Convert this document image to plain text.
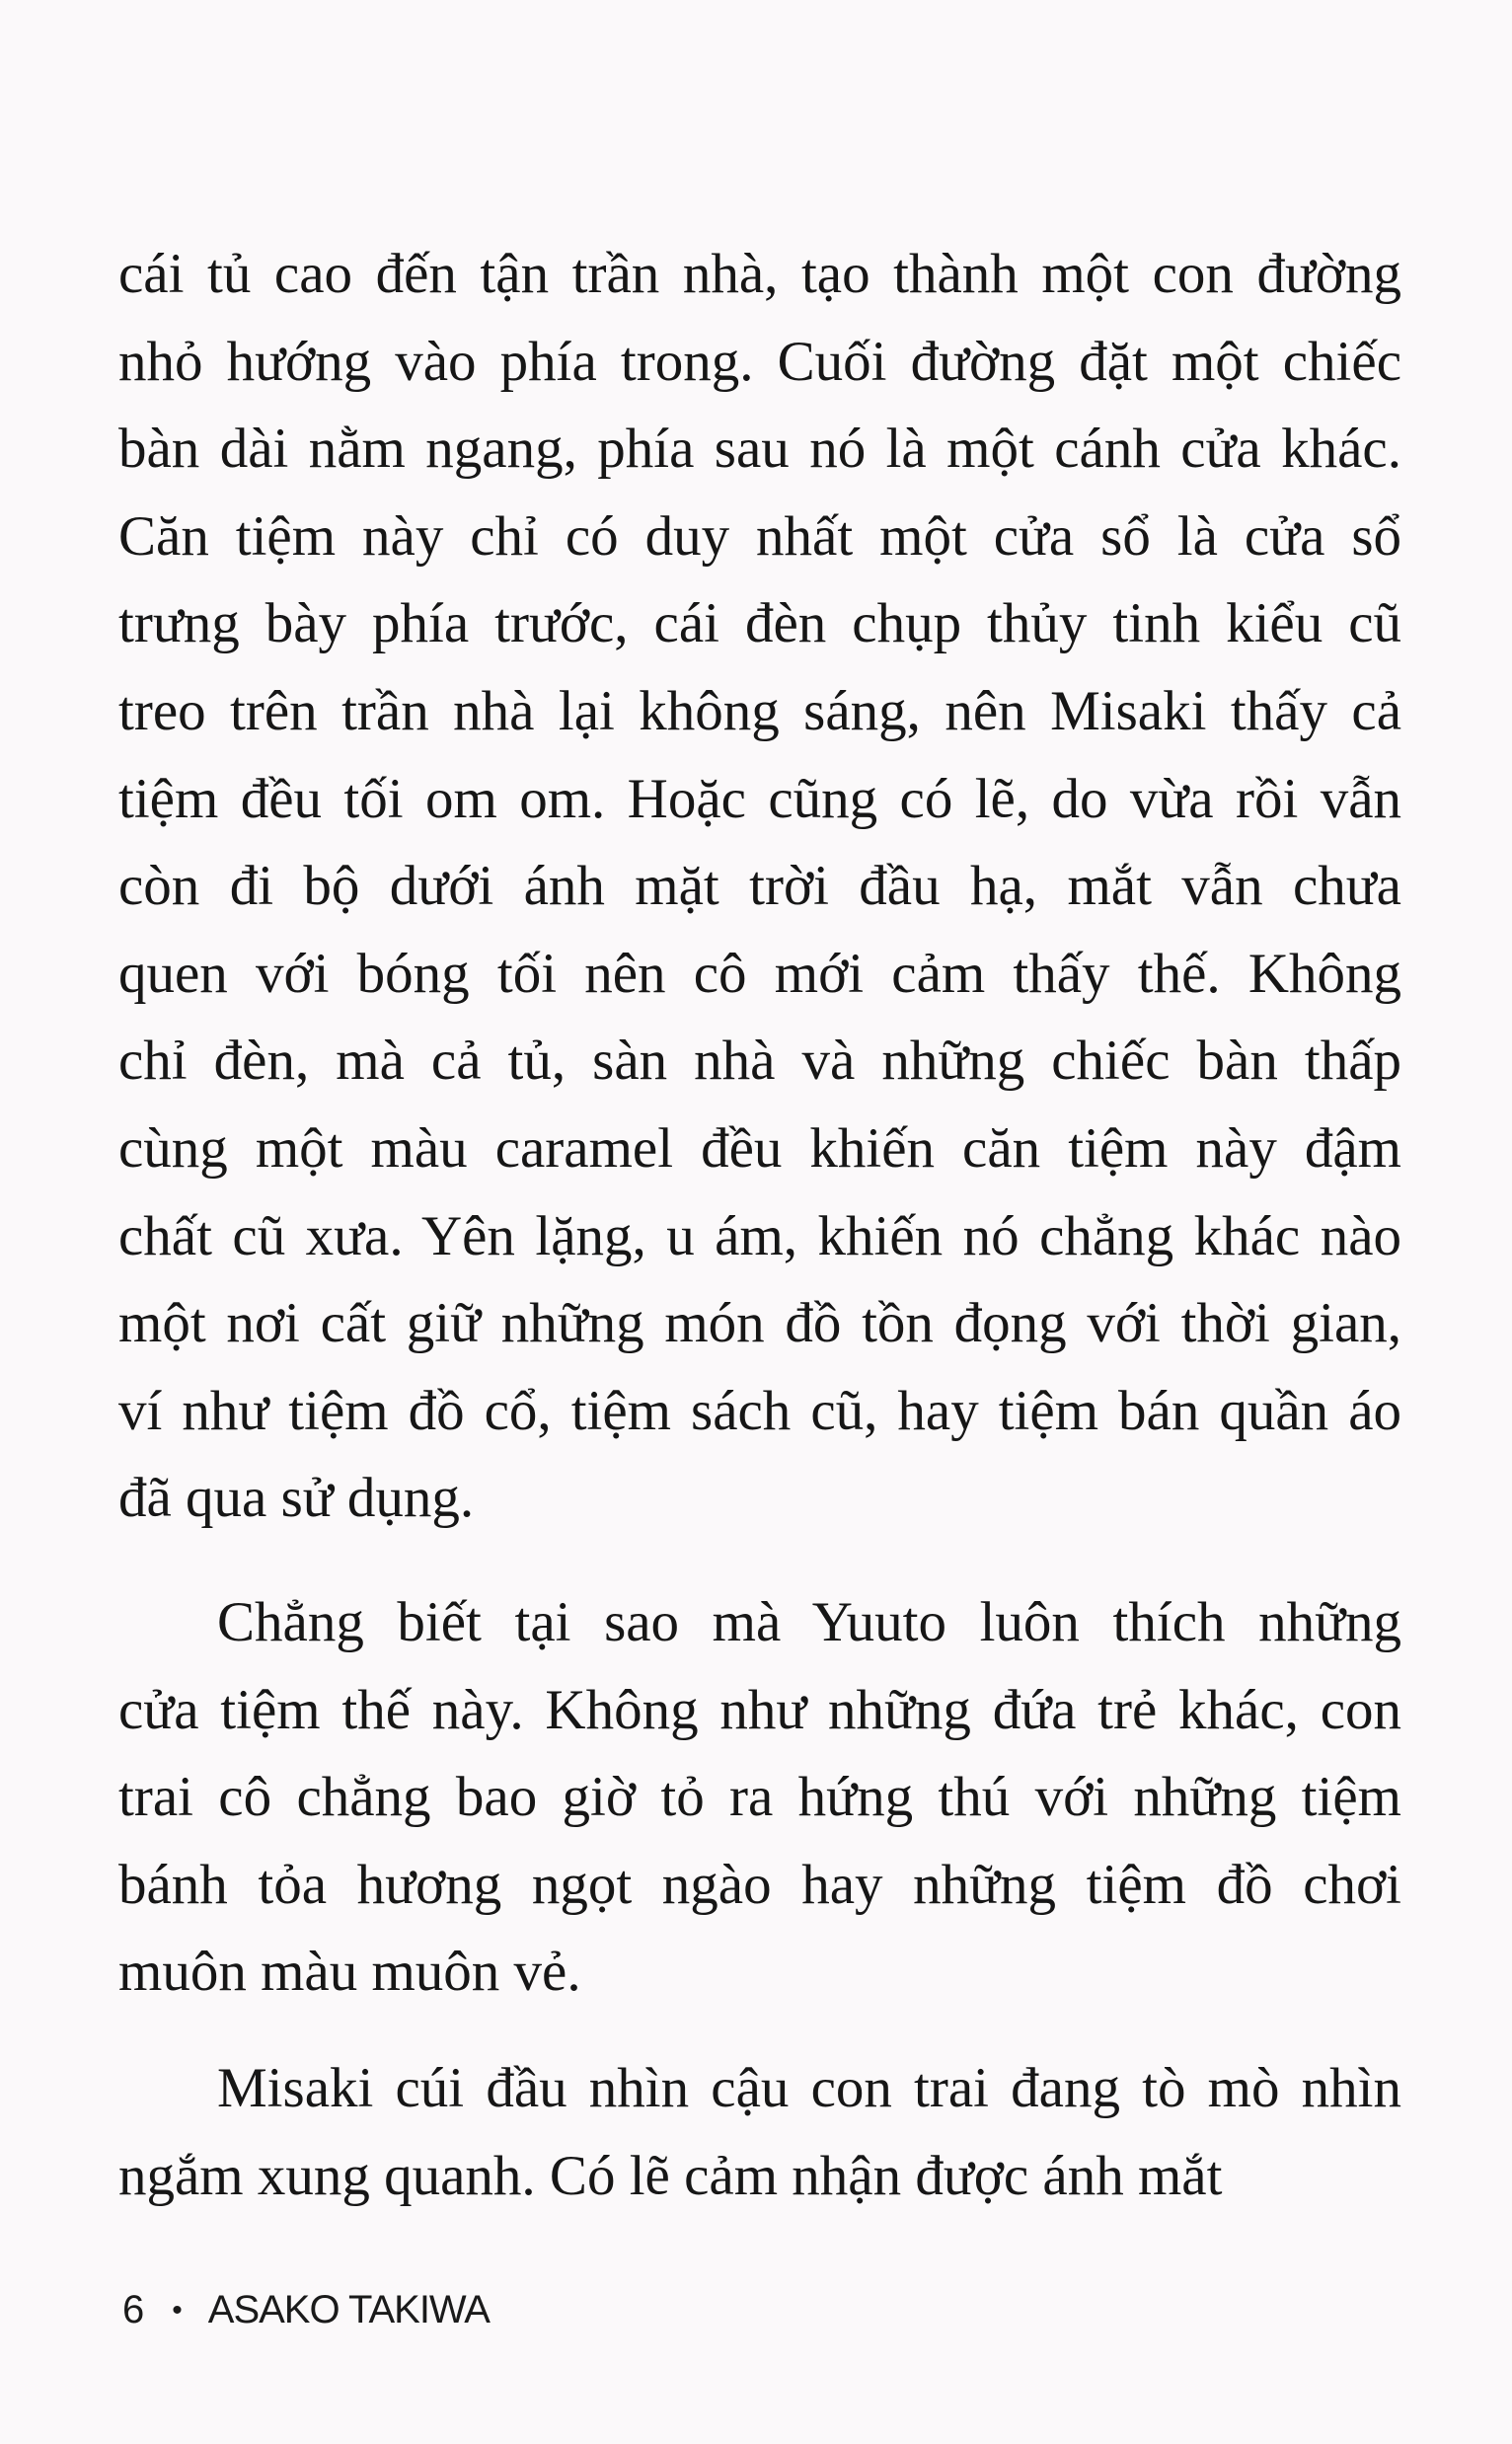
cái tủ cao đến tận trần nhà, tạo thành một con đường
nhỏ hướng vào phía trong. Cuối đường đặt một chiếc
bàn dài nằm ngang, phía sau nó là một cánh cửa khác.
Căn tiệm này chỉ có duy nhất một cửa sổ là cửa sổ
trưng bày phía trước, cái đèn chụp thủy tinh kiểu cũ
treo trên trần nhà lại không sáng, nên Misaki thấy cả
tiệm đều tối om om. Hoặc cũng có lẽ, do vừa rồi vẫn
còn đi bộ dưới ánh mặt trời đầu hạ, mắt vẫn chưa
quen với bóng tối nên cô mới cảm thấy thế. Không
chỉ đèn, mà cả tủ, sàn nhà và những chiếc bàn thấp
cùng một màu caramel đều khiến căn tiệm này đậm
chất cũ xưa. Yên lặng, u ám, khiến nó chẳng khác nào
một nơi cất giữ những món đồ tồn đọng với thời gian,
ví như tiệm đồ cổ, tiệm sách cũ, hay tiệm bán quần áo
đã qua sử dụng.
Chẳng biết tại sao mà Yuuto luôn thích những
cửa tiệm thế này. Không như những đứa trẻ khác, con
trai cô chẳng bao giờ tỏ ra hứng thú với những tiệm
bánh tỏa hương ngọt ngào hay những tiệm đồ chơi
muôn màu muôn vẻ.
Misaki cúi đầu nhìn cậu con trai đang tò mò nhìn
ngắm xung quanh. Có lẽ cảm nhận được ánh mắt
6 • ASAKO TAKIWA
